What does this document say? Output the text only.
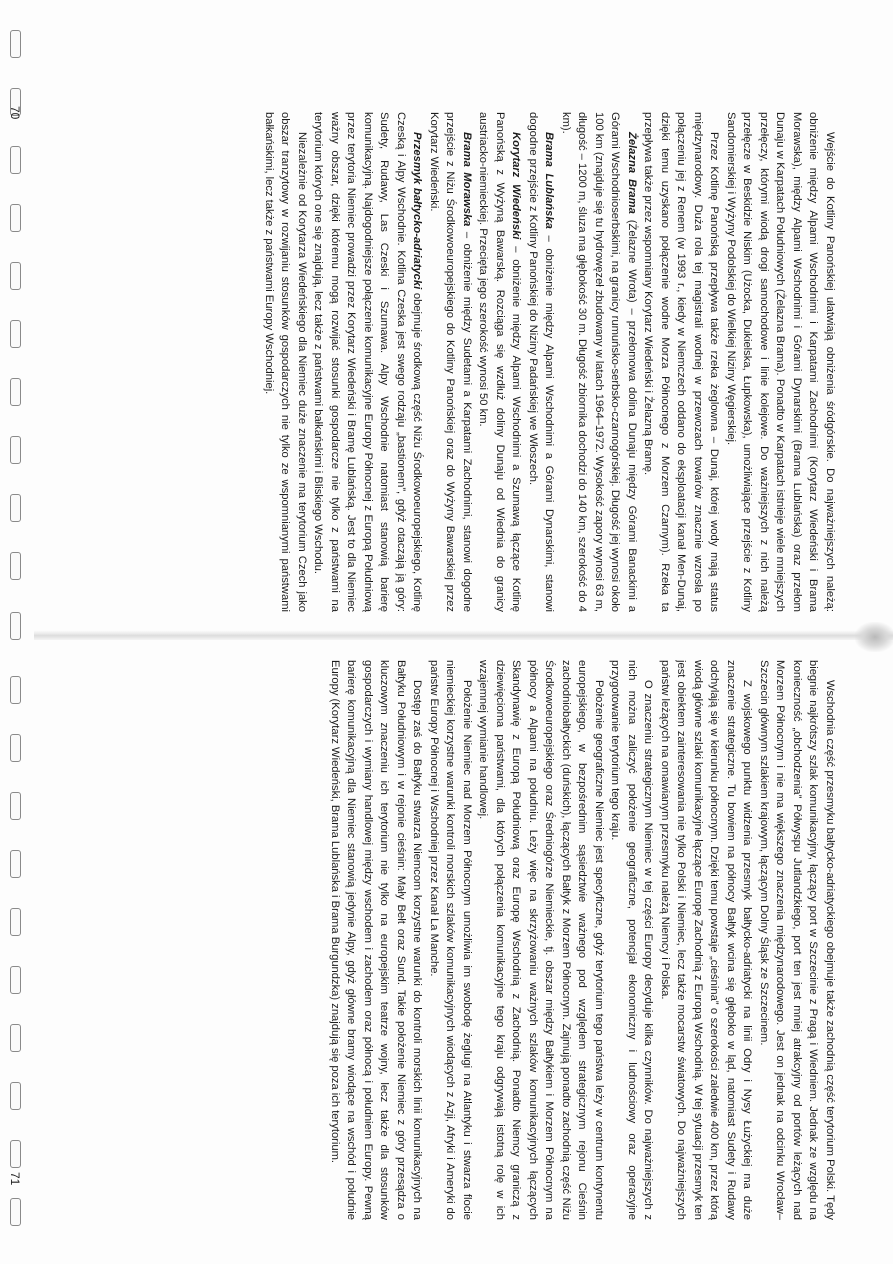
70
71

Wejście do Kotliny Panońskiej ułatwiają obniżenia śródgórskie. Do najważniejszych należą: obniżenie między Alpami Wschodnimi i Karpatami Zachodnimi (Korytarz Wiedeński i Brama Morawska), między Alpami Wschodnimi i Górami Dynarskimi (Brama Lublańska) oraz przełom Dunaju w Karpatach Południowych (Żelazna Brama). Ponadto w Karpatach istnieje wiele mniejszych przełęczy, którymi wiodą drogi samochodowe i linie kolejowe. Do ważniejszych z nich należą przełęcze w Beskidzie Niskim (Użocka, Dukielska, Łupkowska), umożliwiające przejście z Kotliny Sandomierskiej i Wyżyny Podolskiej do Wielkiej Niziny Węgierskiej.

Przez Kotlinę Panońską przepływa także rzeka żeglowna – Dunaj, której wody mają status międzynarodowy. Duża rola tej magistrali wodnej w przewozach towarów znacznie wzrosła po połączeniu jej z Renem (w 1993 r., kiedy w Niemczech oddano do eksploatacji kanał Men-Dunaj, dzięki temu uzyskano połączenie wodne Morza Północnego z Morzem Czarnym). Rzeka ta przepływa także przez wspomniany Korytarz Wiedeński i Żelazną Bramę.

Żelazna Brama (Żelazne Wrota) – przełomowa dolina Dunaju między Górami Banackimi a Górami Wschodnioserbskimi, na granicy rumuńsko-serbsko-czarnogórskiej. Długość jej wynosi około 100 km (znajduje się tu hydrowęzeł zbudowany w latach 1964–1972. Wysokość zapory wynosi 63 m, długość – 1200 m, śluza ma głębokość 30 m. Długość zbiornika dochodzi do 140 km, szerokość do 4 km).

Brama Lublańska – obniżenie między Alpami Wschodnimi a Górami Dynarskimi, stanowi dogodne przejście z Kotliny Panońskiej do Niziny Padańskiej we Włoszech.

Korytarz Wiedeński – obniżenie między Alpami Wschodnimi a Szumawą łączące Kotlinę Panońską z Wyżyną Bawarską. Rozciąga się wzdłuż doliny Dunaju od Wiednia do granicy austriacko-niemieckiej. Przecięta jego szerokość wynosi 50 km.

Brama Morawska – obniżenie między Sudetami a Karpatami Zachodnimi, stanowi dogodne przejście z Niżu Środkowoeuropejskiego do Kotliny Panońskiej oraz do Wyżyny Bawarskiej przez Korytarz Wiedeński.

Przesmyk bałtycko-adriatycki obejmuje środkową część Niżu Środkowoeuropejskiego, Kotlinę Czeską i Alpy Wschodnie. Kotlina Czeska jest swego rodzaju „bastionem”, gdyż otaczają ją góry: Sudety, Rudawy, Las Czeski i Szumawa. Alpy Wschodnie natomiast stanowią barierę komunikacyjną. Najdogodniejsze połączenie komunikacyjne Europy Północnej z Europą Południową przez terytoria Niemiec prowadzi przez Korytarz Wiedeński i Bramę Lublańską. Jest to dla Niemiec ważny obszar, dzięki któremu mogą rozwijać stosunki gospodarcze nie tylko z państwami na terytorium których one się znajdują, lecz także z państwami bałkańskimi i Bliskiego Wschodu.

Niezależnie od Korytarza Wiedeńskiego dla Niemiec duże znaczenie ma terytorium Czech jako obszar tranzytowy w rozwijaniu stosunków gospodarczych nie tylko ze wspomnianymi państwami bałkańskimi, lecz także z państwami Europy Wschodniej.

Wschodnia część przesmyku bałtycko-adriatyckiego obejmuje także zachodnią część terytorium Polski. Tędy biegnie najkrótszy szlak komunikacyjny, łączący port w Szczecinie z Pragą i Wiedniem. Jednak ze względu na konieczność „obchodzenia” Półwyspu Jutlandzkiego, port ten jest mniej atrakcyjny od portów leżących nad Morzem Północnym i nie ma większego znaczenia międzynarodowego. Jest on jednak na odcinku Wrocław–Szczecin głównym szlakiem krajowym, łączącym Dolny Śląsk ze Szczecinem.

Z wojskowego punktu widzenia przesmyk bałtycko-adriatycki na linii Odry i Nysy Łużyckiej ma duże znaczenie strategiczne. Tu bowiem na północy Bałtyk wcina się głęboko w ląd, natomiast Sudety i Rudawy odchylają się w kierunku północnym. Dzięki temu powstaje „cieśnina” o szerokości zaledwie 400 km, przez którą wiodą główne szlaki komunikacyjne łączące Europę Zachodnią z Europą Wschodnią. W tej sytuacji przesmyk ten jest obiektem zainteresowania nie tylko Polski i Niemiec, lecz także mocarstw światowych. Do najważniejszych państw leżących na omawianym przesmyku należą Niemcy i Polska.

O znaczeniu strategicznym Niemiec w tej części Europy decyduje kilka czynników. Do najważniejszych z nich można zaliczyć położenie geograficzne, potencjał ekonomiczny i ludnościowy oraz operacyjne przygotowanie terytorium tego kraju.

Położenie geograficzne Niemiec jest specyficzne, gdyż terytorium tego państwa leży w centrum kontynentu europejskiego, w bezpośrednim sąsiedztwie ważnego pod względem strategicznym rejonu Cieśnin zachodniobałtyckich (duńskich), łączących Bałtyk z Morzem Północnym. Zajmują ponadto zachodnią część Niżu Środkowoeuropejskiego oraz Średniogórze Niemieckie, tj. obszar między Bałtykiem i Morzem Północnym na północy a Alpami na południu. Leży więc na skrzyżowaniu ważnych szlaków komunikacyjnych łączących Skandynawię z Europą Południową oraz Europę Wschodnią z Zachodnią. Ponadto Niemcy graniczą z dziewięcioma państwami, dla których połączenia komunikacyjne tego kraju odgrywają istotną rolę w ich wzajemnej wymianie handlowej.

Położenie Niemiec nad Morzem Północnym umożliwia im swobodę żeglugi na Atlantyku i stwarza flocie niemieckiej korzystne warunki kontroli morskich szlaków komunikacyjnych wiodących z Azji, Afryki i Ameryki do państw Europy Północnej i Wschodniej przez Kanał La Manche.

Dostęp zaś do Bałtyku stwarza Niemcom korzystne warunki do kontroli morskich linii komunikacyjnych na Bałtyku Południowym i w rejonie cieśnin: Mały Bełt oraz Sund. Takie położenie Niemiec z góry przesądza o kluczowym znaczeniu ich terytorium nie tylko na europejskim teatrze wojny, lecz także dla stosunków gospodarczych i wymiany handlowej między wschodem i zachodem oraz północą i południem Europy. Pewną barierę komunikacyjną dla Niemiec stanowią jedynie Alpy, gdyż główne bramy wiodące na wschód i południe Europy (Korytarz Wiedeński, Brama Lublańska i Brama Burgundzka) znajdują się poza ich terytorium.
